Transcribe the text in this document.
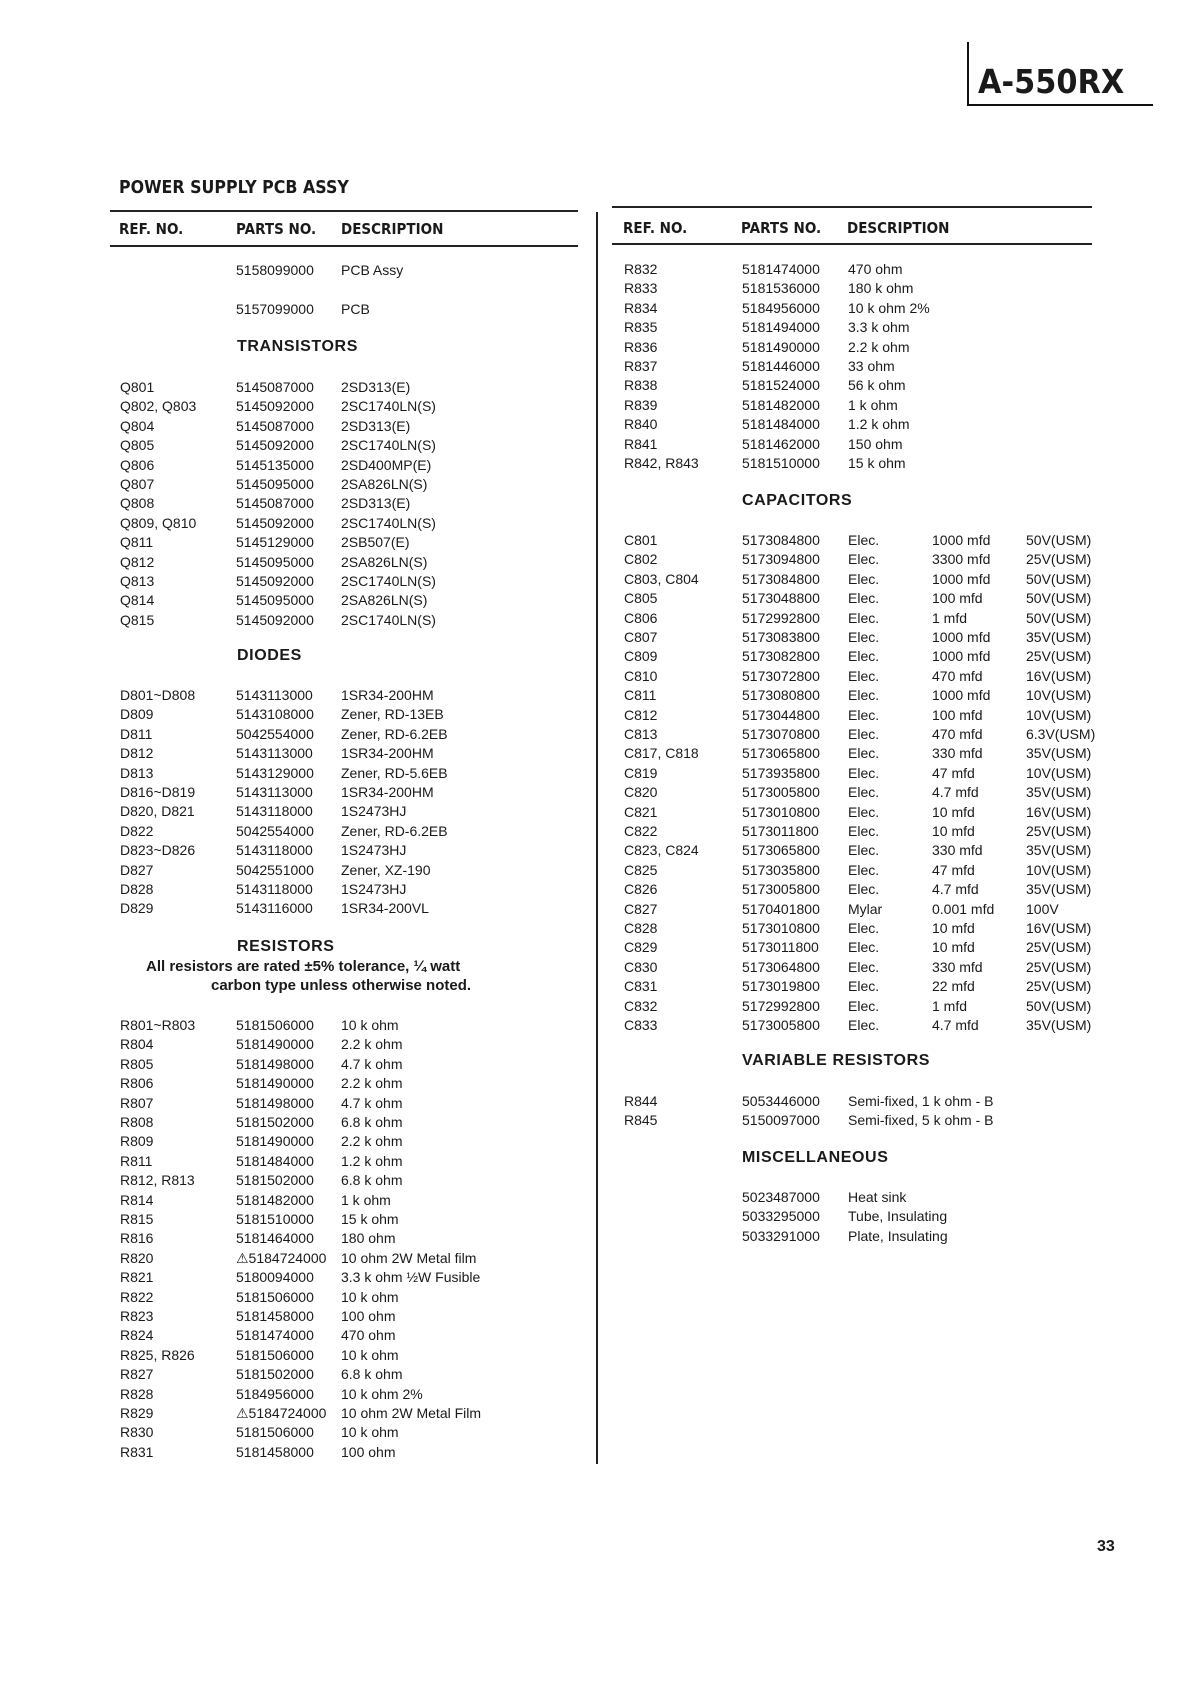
A-550RX
POWER SUPPLY PCB ASSY
REF. NO.	PARTS NO. DESCRIPTION	REF. NO.	PARTS NO. DESCRIPTION
5158099000 PCB Assy
5157099000 PCB
TRANSISTORS
Q801	5145087000 2SD313(E)
Q802, Q803	5145092000 2SC1740LN(S)
Q804	5145087000 2SD313(E)
Q805	5145092000 2SC1740LN(S)
Q806	5145135000 2SD400MP(E)
Q807	5145095000 2SA826LN(S)
Q808	5145087000 2SD313(E)
Q809, Q810	5145092000 2SC1740LN(S)
Q811	5145129000 2SB507(E)
Q812	5145095000 2SA826LN(S)
Q813	5145092000 2SC1740LN(S)
Q814	5145095000 2SA826LN(S)
Q815	5145092000 2SC1740LN(S)
DIODES
D801~D808	5143113000 1SR34-200HM
D809	5143108000 Zener, RD-13EB
D811	5042554000 Zener, RD-6.2EB
D812	5143113000 1SR34-200HM
D813	5143129000 Zener, RD-5.6EB
D816~D819	5143113000 1SR34-200HM
D820, D821	5143118000 1S2473HJ
D822	5042554000 Zener, RD-6.2EB
D823~D826	5143118000 1S2473HJ
D827	5042551000 Zener, XZ-190
D828	5143118000 1S2473HJ
D829	5143116000 1SR34-200VL
RESISTORS
All resistors are rated ±5% tolerance, ¼ watt
carbon type unless otherwise noted.
R801~R803	5181506000 10 k ohm
R804	5181490000 2.2 k ohm
R805	5181498000 4.7 k ohm
R806	5181490000 2.2 k ohm
R807	5181498000 4.7 k ohm
R808	5181502000 6.8 k ohm
R809	5181490000 2.2 k ohm
R811	5181484000 1.2 k ohm
R812, R813	5181502000 6.8 k ohm
R814	5181482000 1 k ohm
R815	5181510000 15 k ohm
R816	5181464000 180 ohm
R820	⚠5184724000 10 ohm 2W Metal film
R821	5180094000 3.3 k ohm ½W Fusible
R822	5181506000 10 k ohm
R823	5181458000 100 ohm
R824	5181474000 470 ohm
R825, R826	5181506000 10 k ohm
R827	5181502000 6.8 k ohm
R828	5184956000 10 k ohm 2%
R829	⚠5184724000 10 ohm 2W Metal Film
R830	5181506000 10 k ohm
R831	5181458000 100 ohm
R832	5181474000 470 ohm
R833	5181536000 180 k ohm
R834	5184956000 10 k ohm 2%
R835	5181494000 3.3 k ohm
R836	5181490000 2.2 k ohm
R837	5181446000 33 ohm
R838	5181524000 56 k ohm
R839	5181482000 1 k ohm
R840	5181484000 1.2 k ohm
R841	5181462000 150 ohm
R842, R843	5181510000 15 k ohm
CAPACITORS
C801	5173084800 Elec.	1000 mfd	50V(USM)
C802	5173094800 Elec.	3300 mfd	25V(USM)
C803, C804	5173084800 Elec.	1000 mfd	50V(USM)
C805	5173048800 Elec.	100 mfd	50V(USM)
C806	5172992800 Elec.	1 mfd	50V(USM)
C807	5173083800 Elec.	1000 mfd	35V(USM)
C809	5173082800 Elec.	1000 mfd	25V(USM)
C810	5173072800 Elec.	470 mfd	16V(USM)
C811	5173080800 Elec.	1000 mfd	10V(USM)
C812	5173044800 Elec.	100 mfd	10V(USM)
C813	5173070800 Elec.	470 mfd	6.3V(USM)
C817, C818	5173065800 Elec.	330 mfd	35V(USM)
C819	5173935800 Elec.	47 mfd	10V(USM)
C820	5173005800 Elec.	4.7 mfd	35V(USM)
C821	5173010800 Elec.	10 mfd	16V(USM)
C822	5173011800 Elec.	10 mfd	25V(USM)
C823, C824	5173065800 Elec.	330 mfd	35V(USM)
C825	5173035800 Elec.	47 mfd	10V(USM)
C826	5173005800 Elec.	4.7 mfd	35V(USM)
C827	5170401800 Mylar	0.001 mfd 100V
C828	5173010800 Elec.	10 mfd	16V(USM)
C829	5173011800 Elec.	10 mfd	25V(USM)
C830	5173064800 Elec.	330 mfd	25V(USM)
C831	5173019800 Elec.	22 mfd	25V(USM)
C832	5172992800 Elec.	1 mfd	50V(USM)
C833	5173005800 Elec.	4.7 mfd	35V(USM)
VARIABLE RESISTORS
R844	5053446000 Semi-fixed, 1 k ohm - B
R845	5150097000 Semi-fixed, 5 k ohm - B
MISCELLANEOUS
5023487000 Heat sink
5033295000 Tube, Insulating
5033291000 Plate, Insulating
33
